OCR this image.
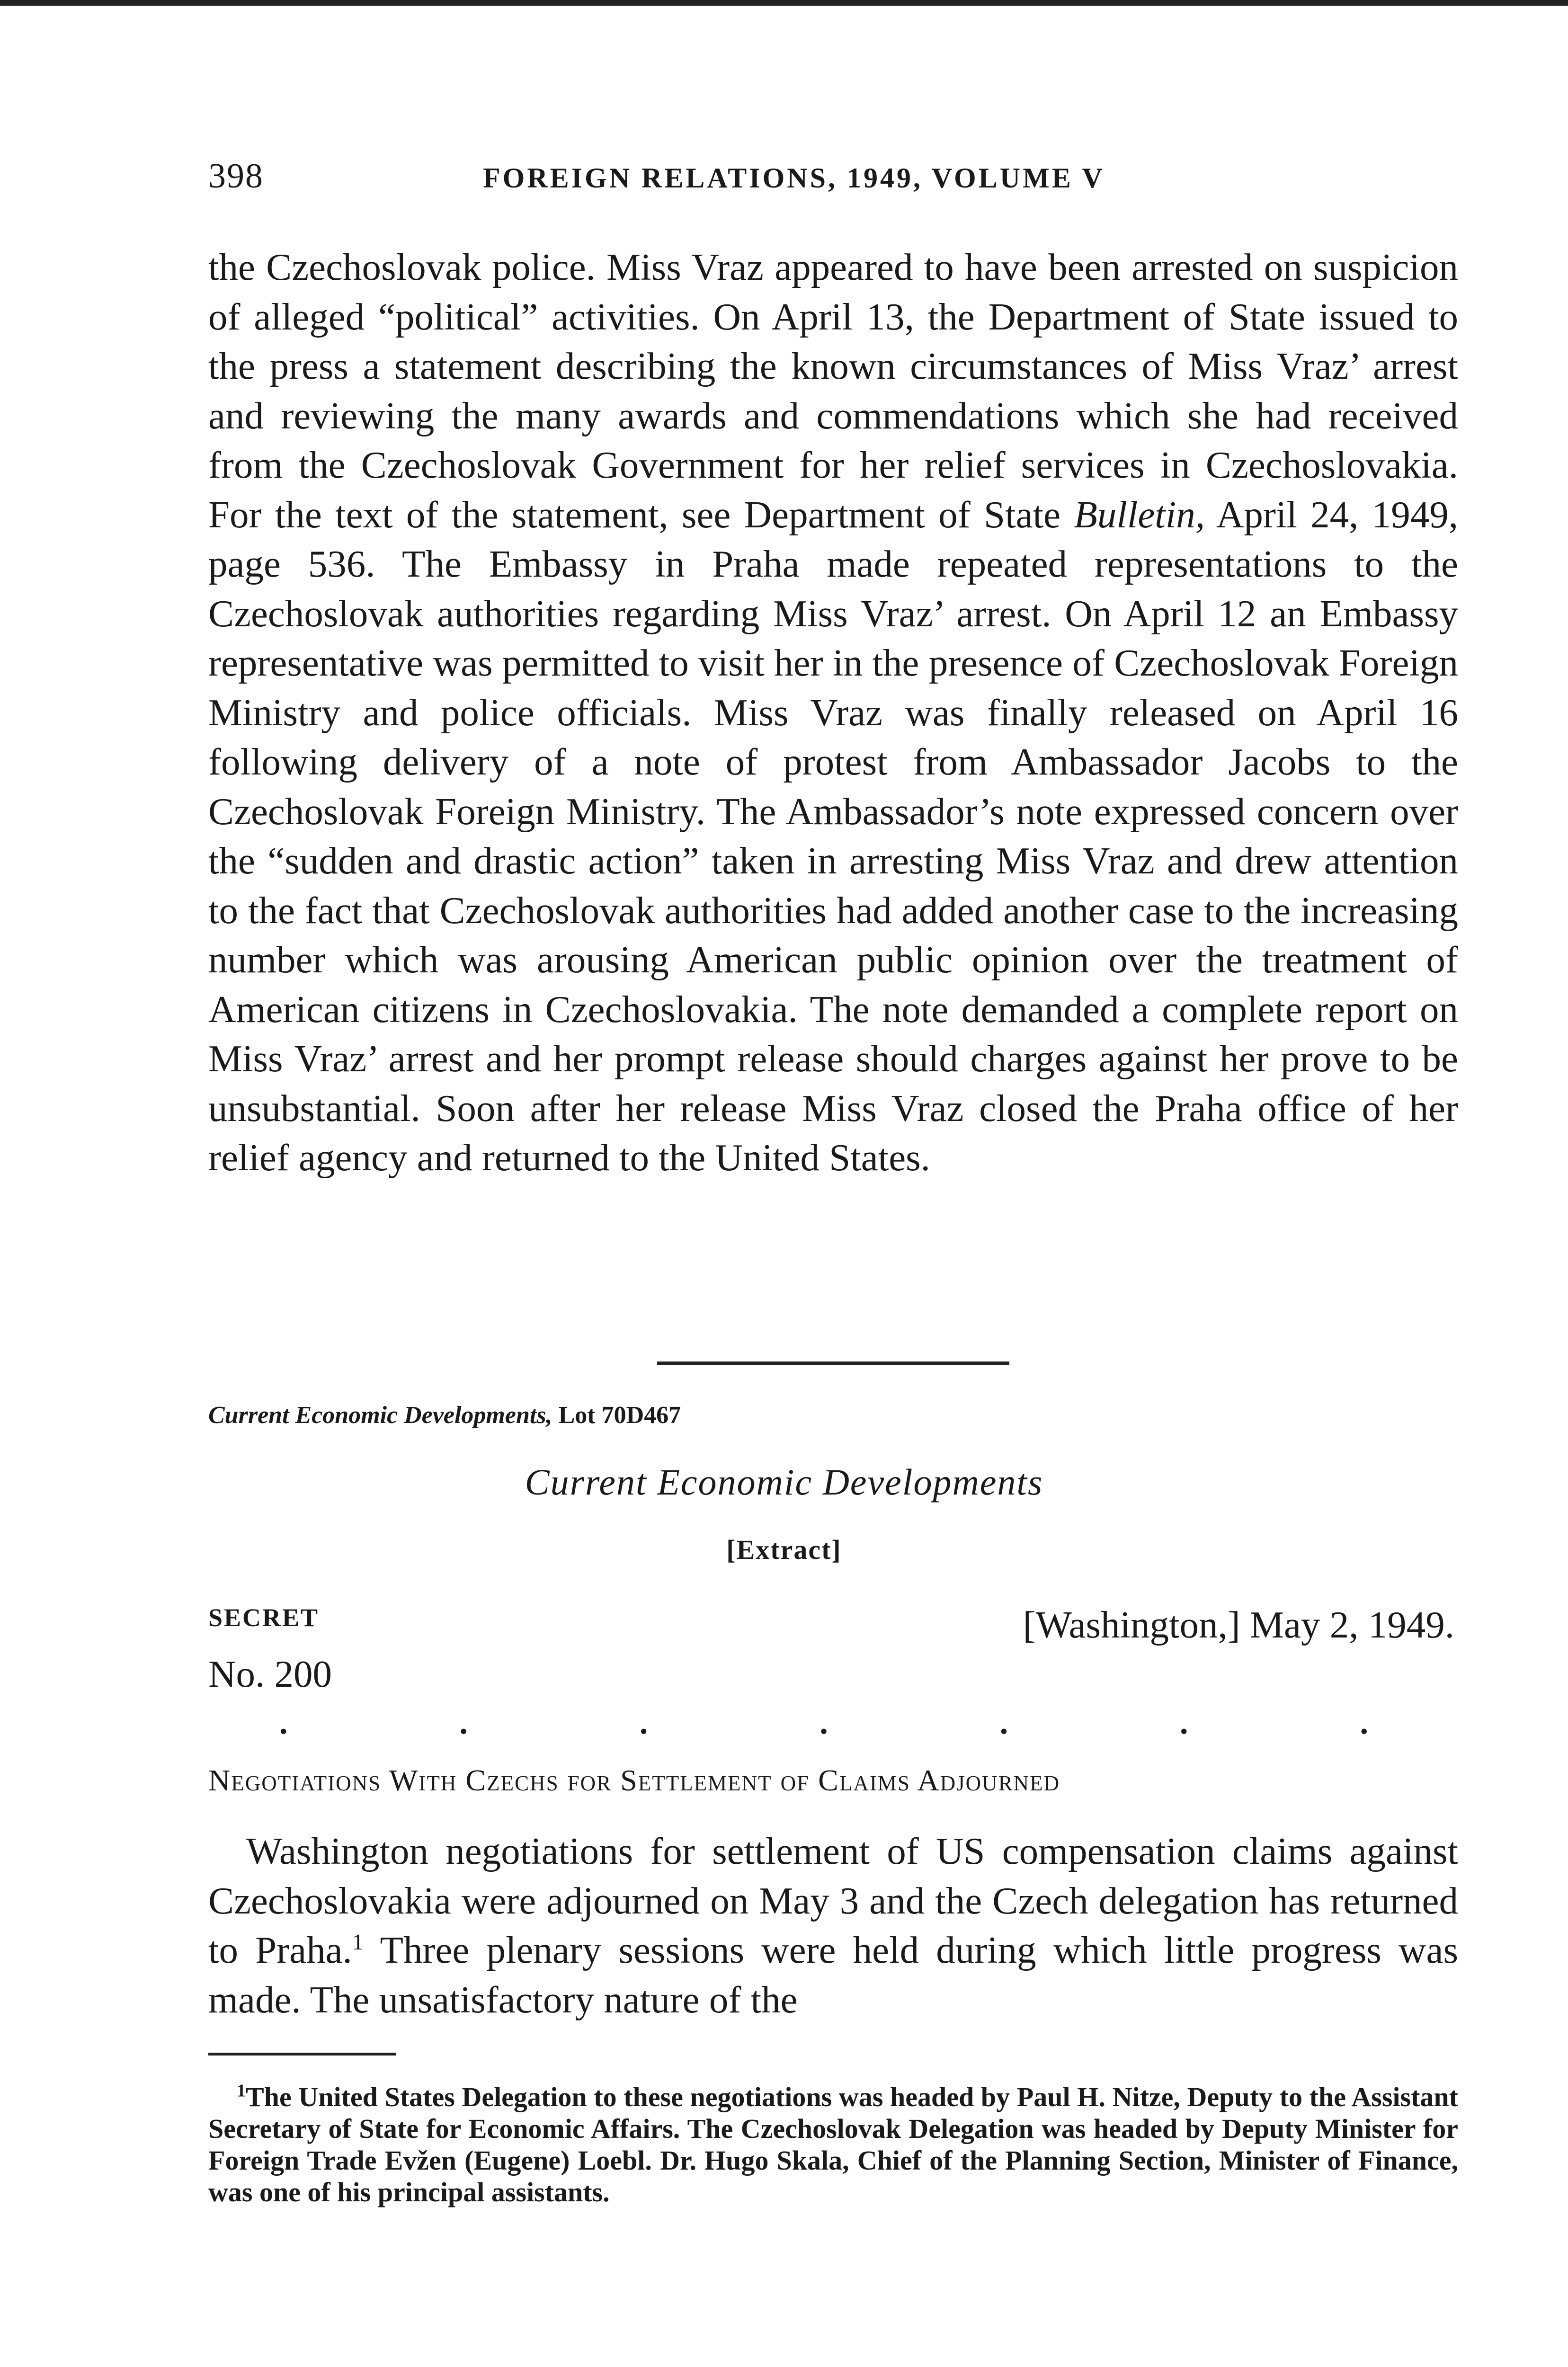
398	FOREIGN RELATIONS, 1949, VOLUME V

the Czechoslovak police. Miss Vraz appeared to have been arrested on suspicion of alleged “political” activities. On April 13, the Department of State issued to the press a statement describing the known circumstances of Miss Vraz’ arrest and reviewing the many awards and commendations which she had received from the Czechoslovak Government for her relief services in Czechoslovakia. For the text of the statement, see Department of State Bulletin, April 24, 1949, page 536. The Embassy in Praha made repeated representations to the Czechoslovak authorities regarding Miss Vraz’ arrest. On April 12 an Embassy representative was permitted to visit her in the presence of Czechoslovak Foreign Ministry and police officials. Miss Vraz was finally released on April 16 following delivery of a note of protest from Ambassador Jacobs to the Czechoslovak Foreign Ministry. The Ambassador’s note expressed concern over the “sudden and drastic action” taken in arresting Miss Vraz and drew attention to the fact that Czechoslovak authorities had added another case to the increasing number which was arousing American public opinion over the treatment of American citizens in Czechoslovakia. The note demanded a complete report on Miss Vraz’ arrest and her prompt release should charges against her prove to be unsubstantial. Soon after her release Miss Vraz closed the Praha office of her relief agency and returned to the United States.

Current Economic Developments, Lot 70D467
Current Economic Developments
[Extract]
SECRET	[Washington,] May 2, 1949.
No. 200
.	.	.	.	.	.	.
Negotiations With Czechs for Settlement of Claims Adjourned

Washington negotiations for settlement of US compensation claims against Czechoslovakia were adjourned on May 3 and the Czech delegation has returned to Praha.$^1$ Three plenary sessions were held during which little progress was made. The unsatisfactory nature of the

$^1$The United States Delegation to these negotiations was headed by Paul H. Nitze, Deputy to the Assistant Secretary of State for Economic Affairs. The Czechoslovak Delegation was headed by Deputy Minister for Foreign Trade Evžen (Eugene) Loebl. Dr. Hugo Skala, Chief of the Planning Section, Minister of Finance, was one of his principal assistants.
